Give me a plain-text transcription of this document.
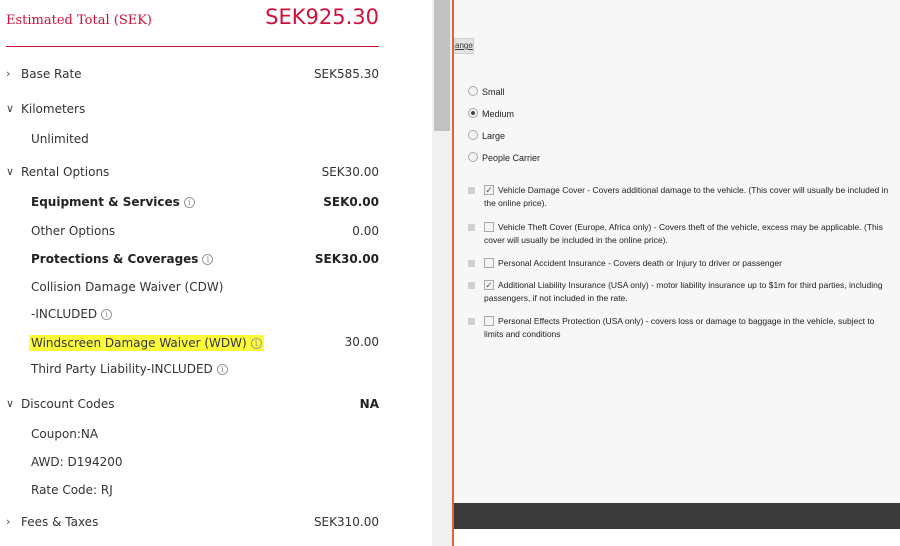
Estimated Total (SEK)	SEK925.30
› Base Rate	SEK585.30
∨ Kilometers
Unlimited
∨ Rental Options	SEK30.00
Equipment & Services i	SEK0.00
Other Options	0.00
Protections & Coverages i	SEK30.00
Collision Damage Waiver (CDW)
-INCLUDED i
Windscreen Damage Waiver (WDW) i	30.00
Third Party Liability-INCLUDED i
∨ Discount Codes	NA
Coupon:NA
AWD: D194200
Rate Code: RJ
› Fees & Taxes	SEK310.00
ange
Small
Medium
Large
People Carrier
Vehicle Damage Cover - Covers additional damage to the vehicle. (This cover will usually be included in the online price).
✓
Vehicle Theft Cover (Europe, Africa only) - Covers theft of the vehicle, excess may be applicable. (This cover will usually be included in the online price).
Personal Accident Insurance - Covers death or Injury to driver or passenger
Additional Liability Insurance (USA only) - motor liability insurance up to $1m for third parties, including passengers, if not included in the rate.
✓
Personal Effects Protection (USA only) - covers loss or damage to baggage in the vehicle, subject to limits and conditions
